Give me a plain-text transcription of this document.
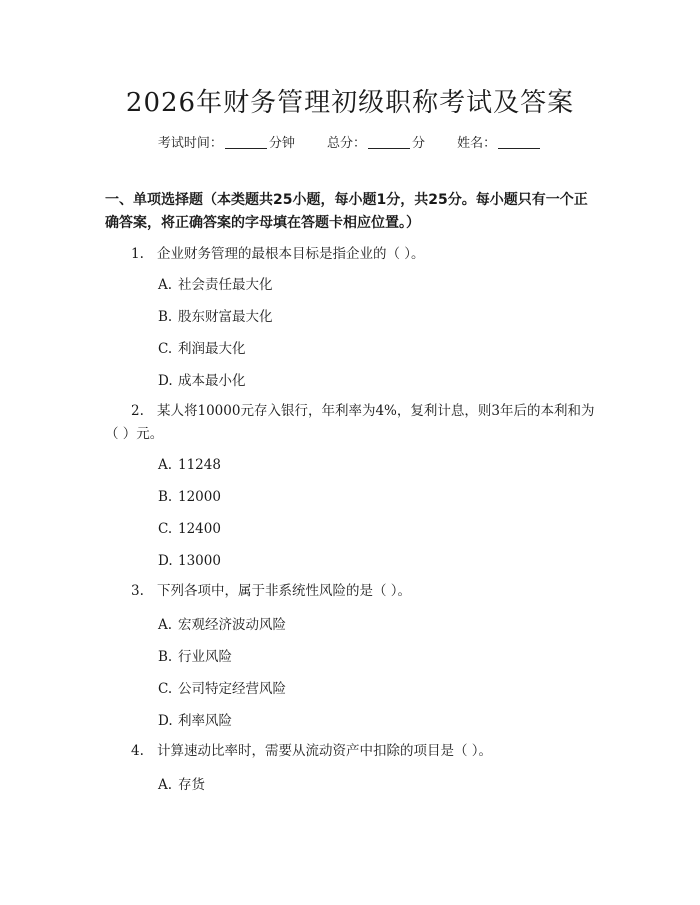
2026年财务管理初级职称考试及答案
考试时间：	分钟 总分：	分 姓名：
一、单项选择题（本类题共25小题，每小题1分，共25分。每小题只有一个正确答案，将正确答案的字母填在答题卡相应位置。）
1. 企业财务管理的最根本目标是指企业的（ ）。
A. 社会责任最大化
B. 股东财富最大化
C. 利润最大化
D. 成本最小化
2. 某人将10000元存入银行，年利率为4%，复利计息，则3年后的本利和为（ ）元。
A. 11248
B. 12000
C. 12400
D. 13000
3. 下列各项中，属于非系统性风险的是（ ）。
A. 宏观经济波动风险
B. 行业风险
C. 公司特定经营风险
D. 利率风险
4. 计算速动比率时，需要从流动资产中扣除的项目是（ ）。
A. 存货
